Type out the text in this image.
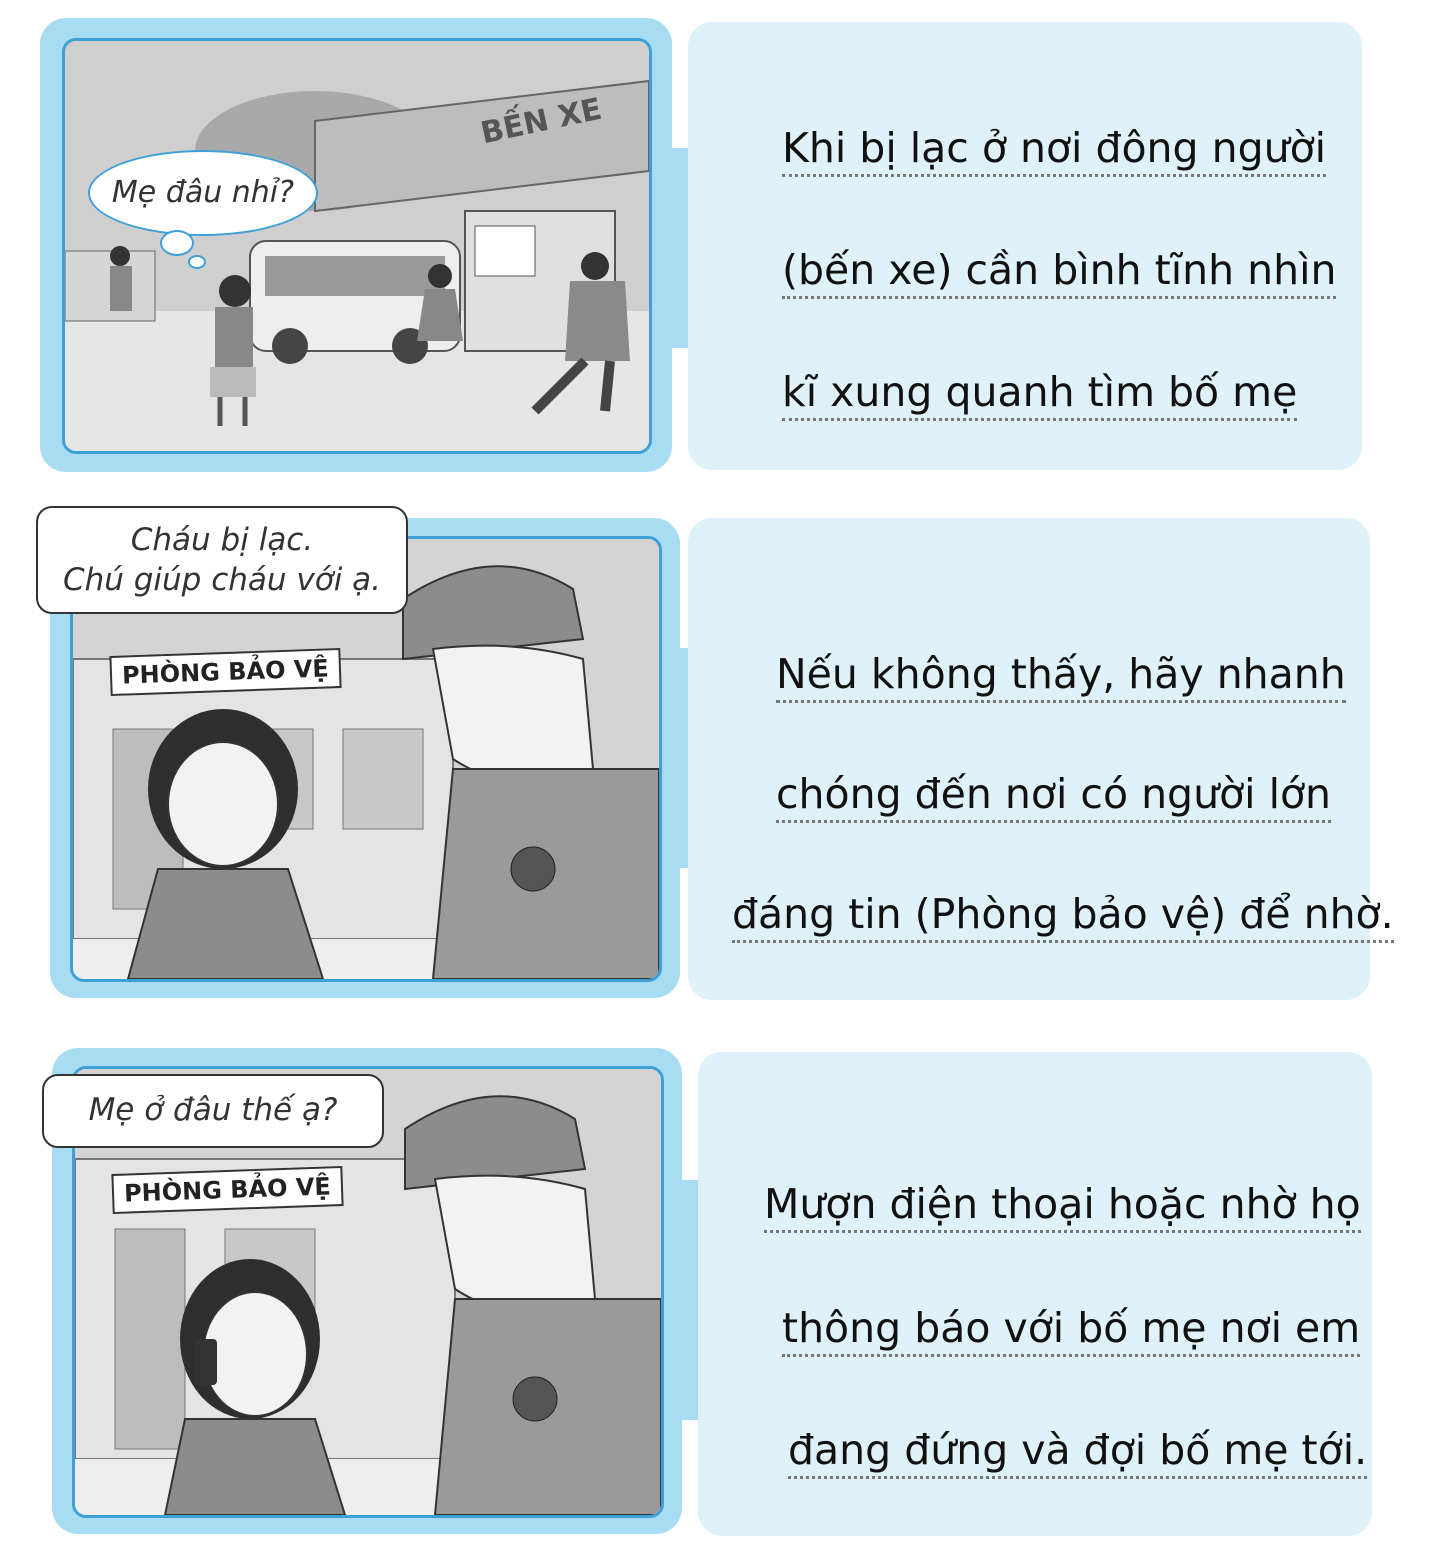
BẾN XE
Mẹ đâu nhỉ?
Khi bị lạc ở nơi đông người
(bến xe) cần bình tĩnh nhìn
kĩ xung quanh tìm bố mẹ
Cháu bị lạc.
Chú giúp cháu với ạ.
PHÒNG BẢO VỆ	Nếu không thấy, hãy nhanh
chóng đến nơi có người lớn
đáng tin (Phòng bảo vệ) để nhờ.
Mẹ ở đâu thế ạ?
PHÒNG BẢO VỆ	Mượn điện thoại hoặc nhờ họ
thông báo với bố mẹ nơi em
đang đứng và đợi bố mẹ tới.
